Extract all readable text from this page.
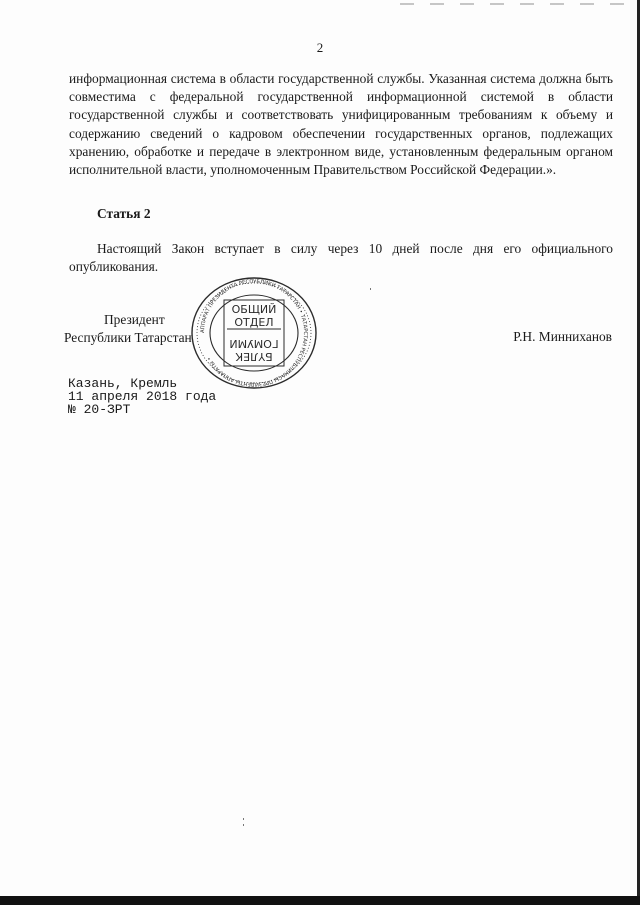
2
информационная система в области государственной службы. Указанная система должна быть совместима с федеральной государственной информационной системой в области государственной службы и соответствовать унифицированным требованиям к объему и содержанию сведений о кадровом обеспечении государственных органов, подлежащих хранению, обработке и передаче в электронном виде, установленным федеральным органом исполнительной власти, уполномоченным Правительством Российской Федерации.».
Статья 2
Настоящий Закон вступает в силу через 10 дней после дня его официального опубликования.
Президент
Республики Татарстан	Р.Н. Минниханов
АППАРАТ ПРЕЗИДЕНТА РЕСПУБЛИКИ ТАТАРСТАН • ТАТАРСТАН РЕСПУБЛИКАСЫ ПРЕЗИДЕНТЫ АППАРАТЫ •
ОБЩИЙ
ОТДЕЛ
БҮЛЕК
ГОМУМИ
Казань, Кремль
11 апреля 2018 года
№ 20-ЗРТ
